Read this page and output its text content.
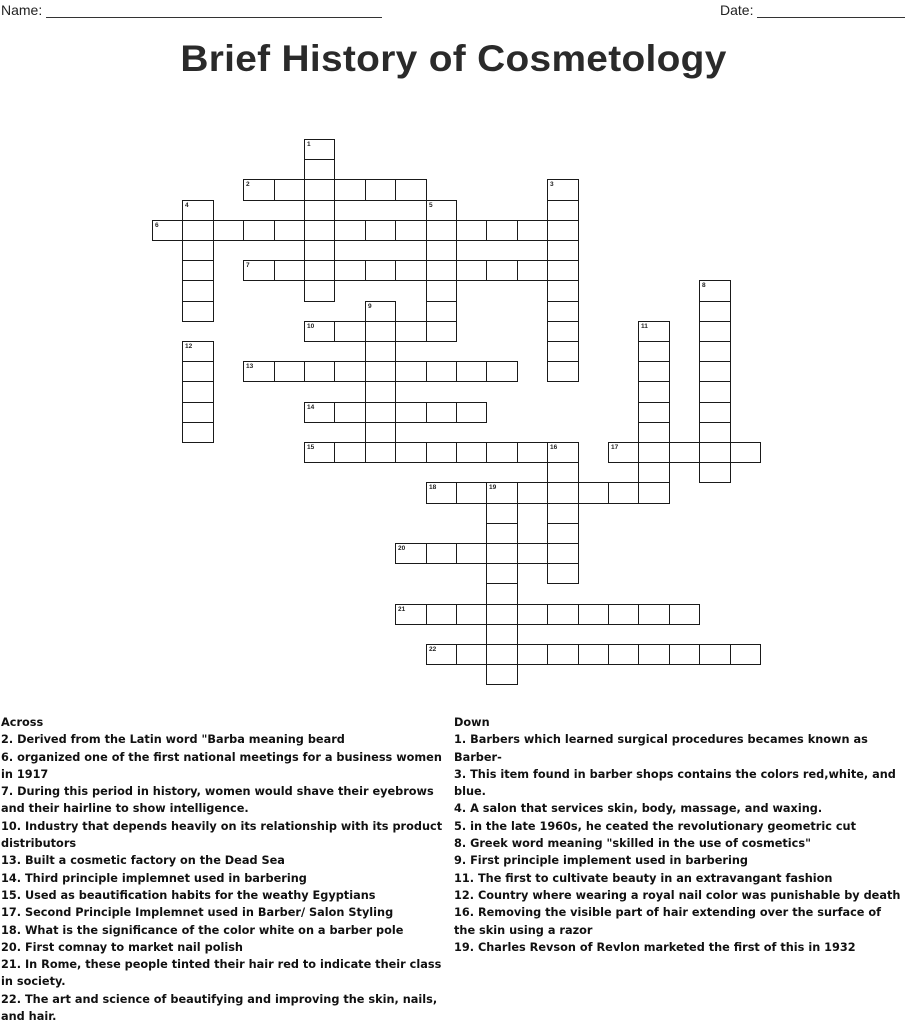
Name:	Date:
Brief History of Cosmetology
1
2	3
4	5
6
7
8
9
10	11
12
13
14
15	16	17
18	19
20
21
22
Across

2. Derived from the Latin word "Barba meaning beard

6. organized one of the first national meetings for a business women in 1917

7. During this period in history, women would shave their eyebrows and their hairline to show intelligence.

10. Industry that depends heavily on its relationship with its product distributors

13. Built a cosmetic factory on the Dead Sea

14. Third principle implemnet used in barbering

15. Used as beautification habits for the weathy Egyptians

17. Second Principle Implemnet used in Barber/ Salon Styling

18. What is the significance of the color white on a barber pole

20. First comnay to market nail polish

21. In Rome, these people tinted their hair red to indicate their class in society.

22. The art and science of beautifying and improving the skin, nails, and hair.

Down

1. Barbers which learned surgical procedures becames known as Barber-

3. This item found in barber shops contains the colors red,white, and blue.

4. A salon that services skin, body, massage, and waxing.

5. in the late 1960s, he ceated the revolutionary geometric cut

8. Greek word meaning "skilled in the use of cosmetics"

9. First principle implement used in barbering

11. The first to cultivate beauty in an extravangant fashion

12. Country where wearing a royal nail color was punishable by death

16. Removing the visible part of hair extending over the surface of the skin using a razor

19. Charles Revson of Revlon marketed the first of this in 1932
